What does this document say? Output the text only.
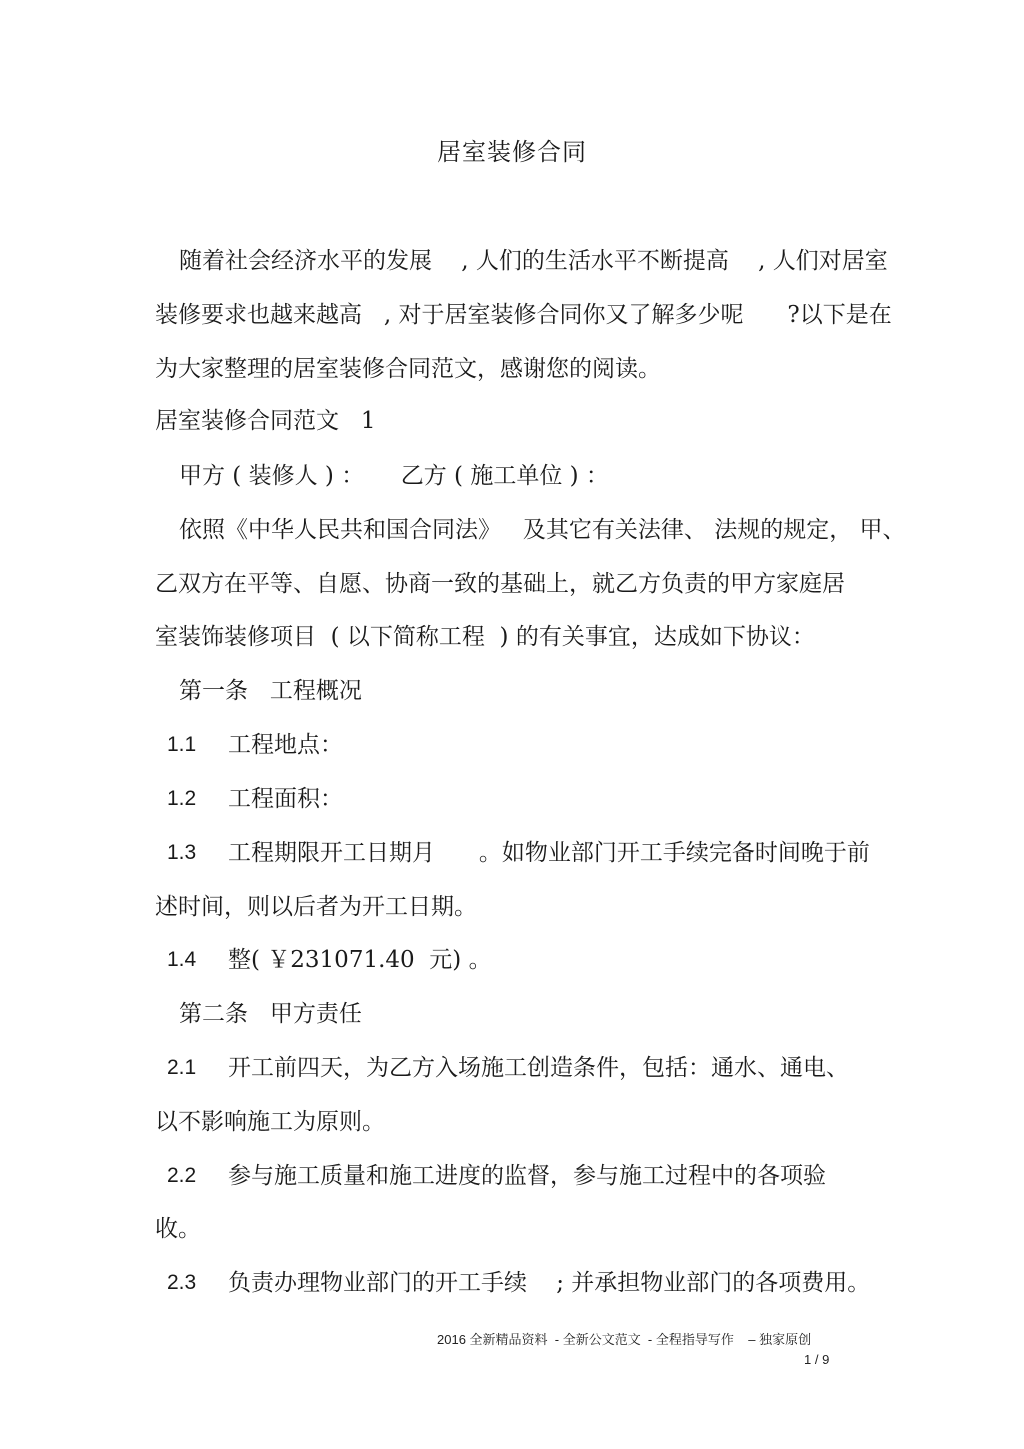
居室装修合同
随着社会经济水平的发展    , 人们的生活水平不断提高    , 人们对居室
装修要求也越来越高   , 对于居室装修合同你又了解多少呢      ?以下是在
为大家整理的居室装修合同范文，感谢您的阅读。
居室装修合同范文   1
甲方 ( 装修人 ) ：     乙方 ( 施工单位 ) ：
依照《中华人民共和国合同法》   及其它有关法律、 法规的规定， 甲、
乙双方在平等、自愿、协商一致的基础上，就乙方负责的甲方家庭居
室装饰装修项目  ( 以下简称工程  ) 的有关事宜，达成如下协议：
第一条   工程概况
1.1 工程地点：
1.2 工程面积：
1.3 工程期限开工日期月      。如物业部门开工手续完备时间晚于前
述时间，则以后者为开工日期。
1.4 整( ￥231071.40  元) 。
第二条   甲方责任
2.1 开工前四天，为乙方入场施工创造条件，包括：通水、通电、
以不影响施工为原则。
2.2 参与施工质量和施工进度的监督，参与施工过程中的各项验
收。
2.3 负责办理物业部门的开工手续    ; 并承担物业部门的各项费用。
2016 全新精品资料  - 全新公文范文  - 全程指导写作    – 独家原创
1 / 9
